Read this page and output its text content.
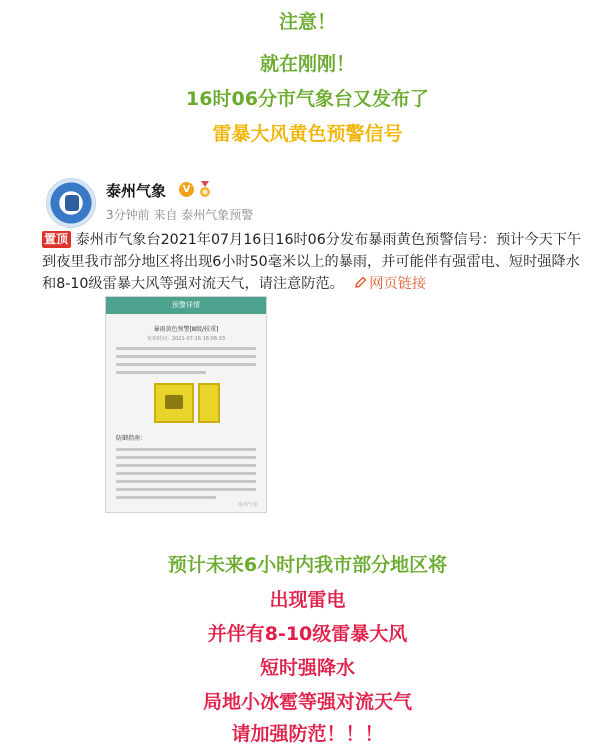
注意！
就在刚刚！
16时06分市气象台又发布了
雷暴大风黄色预警信号
泰州气象	V
3分钟前 来自 泰州气象预警
置顶 泰州市气象台2021年07月16日16时06分发布暴雨黄色预警信号：预计今天下午到夜里我市部分地区将出现6小时50毫米以上的暴雨，并可能伴有强雷电、短时强降水和8-10级雷暴大风等强对流天气，请注意防范。 网页链接
预警详情
暴雨黄色预警[Ⅲ级/较重]
发布时间：2021-07-16 16:06:33
防御指南：
泰州气象
预计未来6小时内我市部分地区将
出现雷电
并伴有8-10级雷暴大风
短时强降水
局地小冰雹等强对流天气
请加强防范！！！
